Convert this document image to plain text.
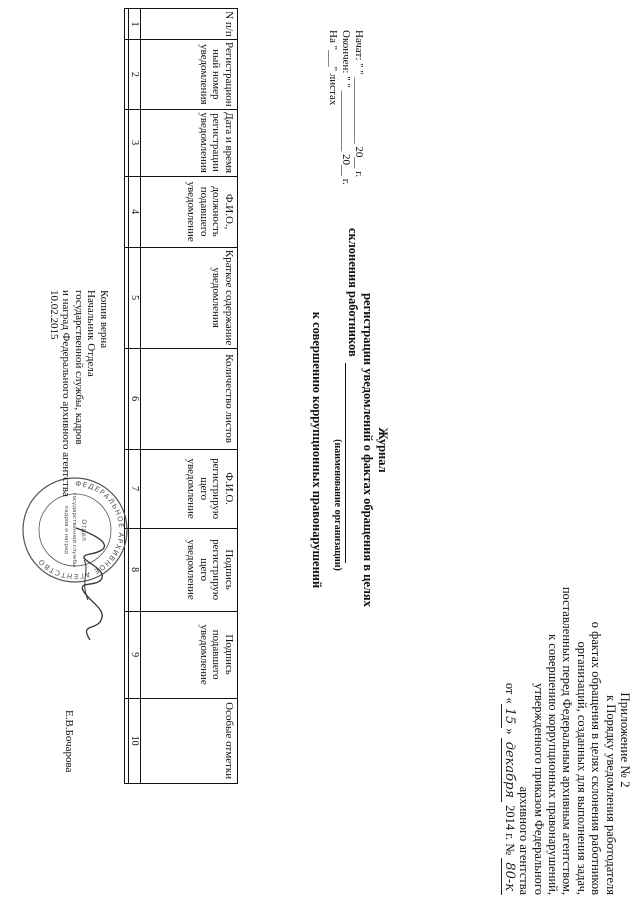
Приложение № 2
к Порядку уведомления работодателя
о фактах обращения в целях склонения работников
организаций, созданных для выполнения задач,
поставленных перед Федеральным архивным агентством,
к совершению коррупционных правонарушений,
утвержденного приказом Федерального
архивного агентства
от «15» декабря 2014 г. № 80-к
Журнал
регистрации уведомлений о фактах обращения в целях
склонения работников
(наименование организации)
к совершению коррупционных правонарушений
Начат: " " ____________ 20__ г.
Окончен: " " ___________ 20__ г.
На "___" листах
N п/п	Регистрацион ный номер уведомления	Дата и время регистрации уведомления	Ф.И.О., должность подавшего уведомление	Краткое содержание уведомления	Количество листов	Ф.И.О. регистрирую щего уведомление	Подпись регистрирую щего уведомление	Подпись подавшего уведомление	Особые отметки
1	2	3	4	5	6	7	8	9	10

ФЕДЕРАЛЬНОЕ АРХИВНОЕ АГЕНТСТВО
Отдел
государственной службы
кадров и наград
Копия верна
Начальник Отдела
государственной службы, кадров
и наград Федерального архивного агентства
10.02.2015
Е.В.Бочарова
